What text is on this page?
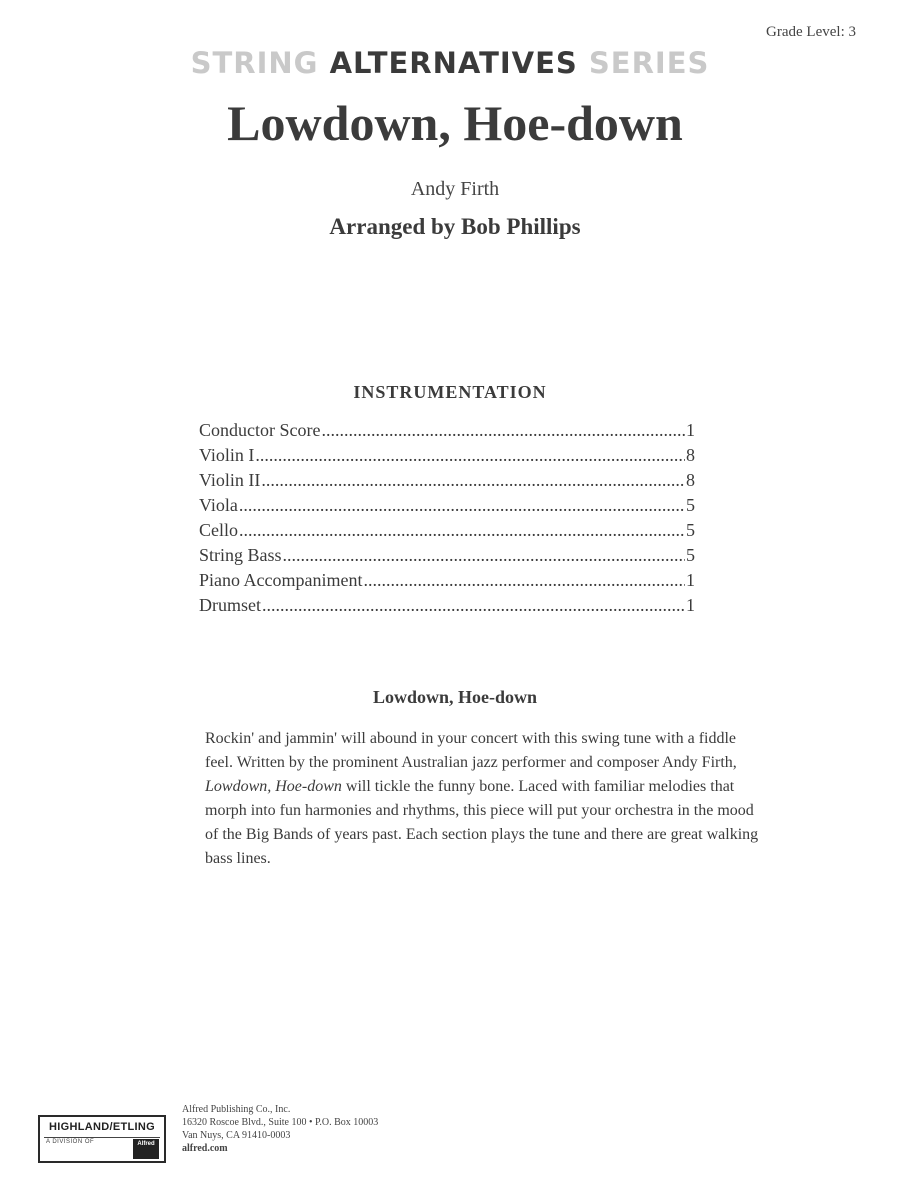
Grade Level: 3
STRING ALTERNATIVES SERIES
Lowdown, Hoe-down
Andy Firth
Arranged by Bob Phillips
INSTRUMENTATION
Conductor Score .....	1
Violin I .....	8
Violin II .....	8
Viola .....	5
Cello .....	5
String Bass .....	5
Piano Accompaniment .....	1
Drumset .....	1
Lowdown, Hoe-down

Rockin' and jammin' will abound in your concert with this swing tune with a fiddle feel. Written by the prominent Australian jazz performer and composer Andy Firth, Lowdown, Hoe-down will tickle the funny bone. Laced with familiar melodies that morph into fun harmonies and rhythms, this piece will put your orchestra in the mood of the Big Bands of years past. Each section plays the tune and there are great walking bass lines.

HIGHLAND/ETLING
A DIVISION OF	Alfred
Alfred Publishing Co., Inc.
16320 Roscoe Blvd., Suite 100 • P.O. Box 10003
Van Nuys, CA 91410-0003
alfred.com
